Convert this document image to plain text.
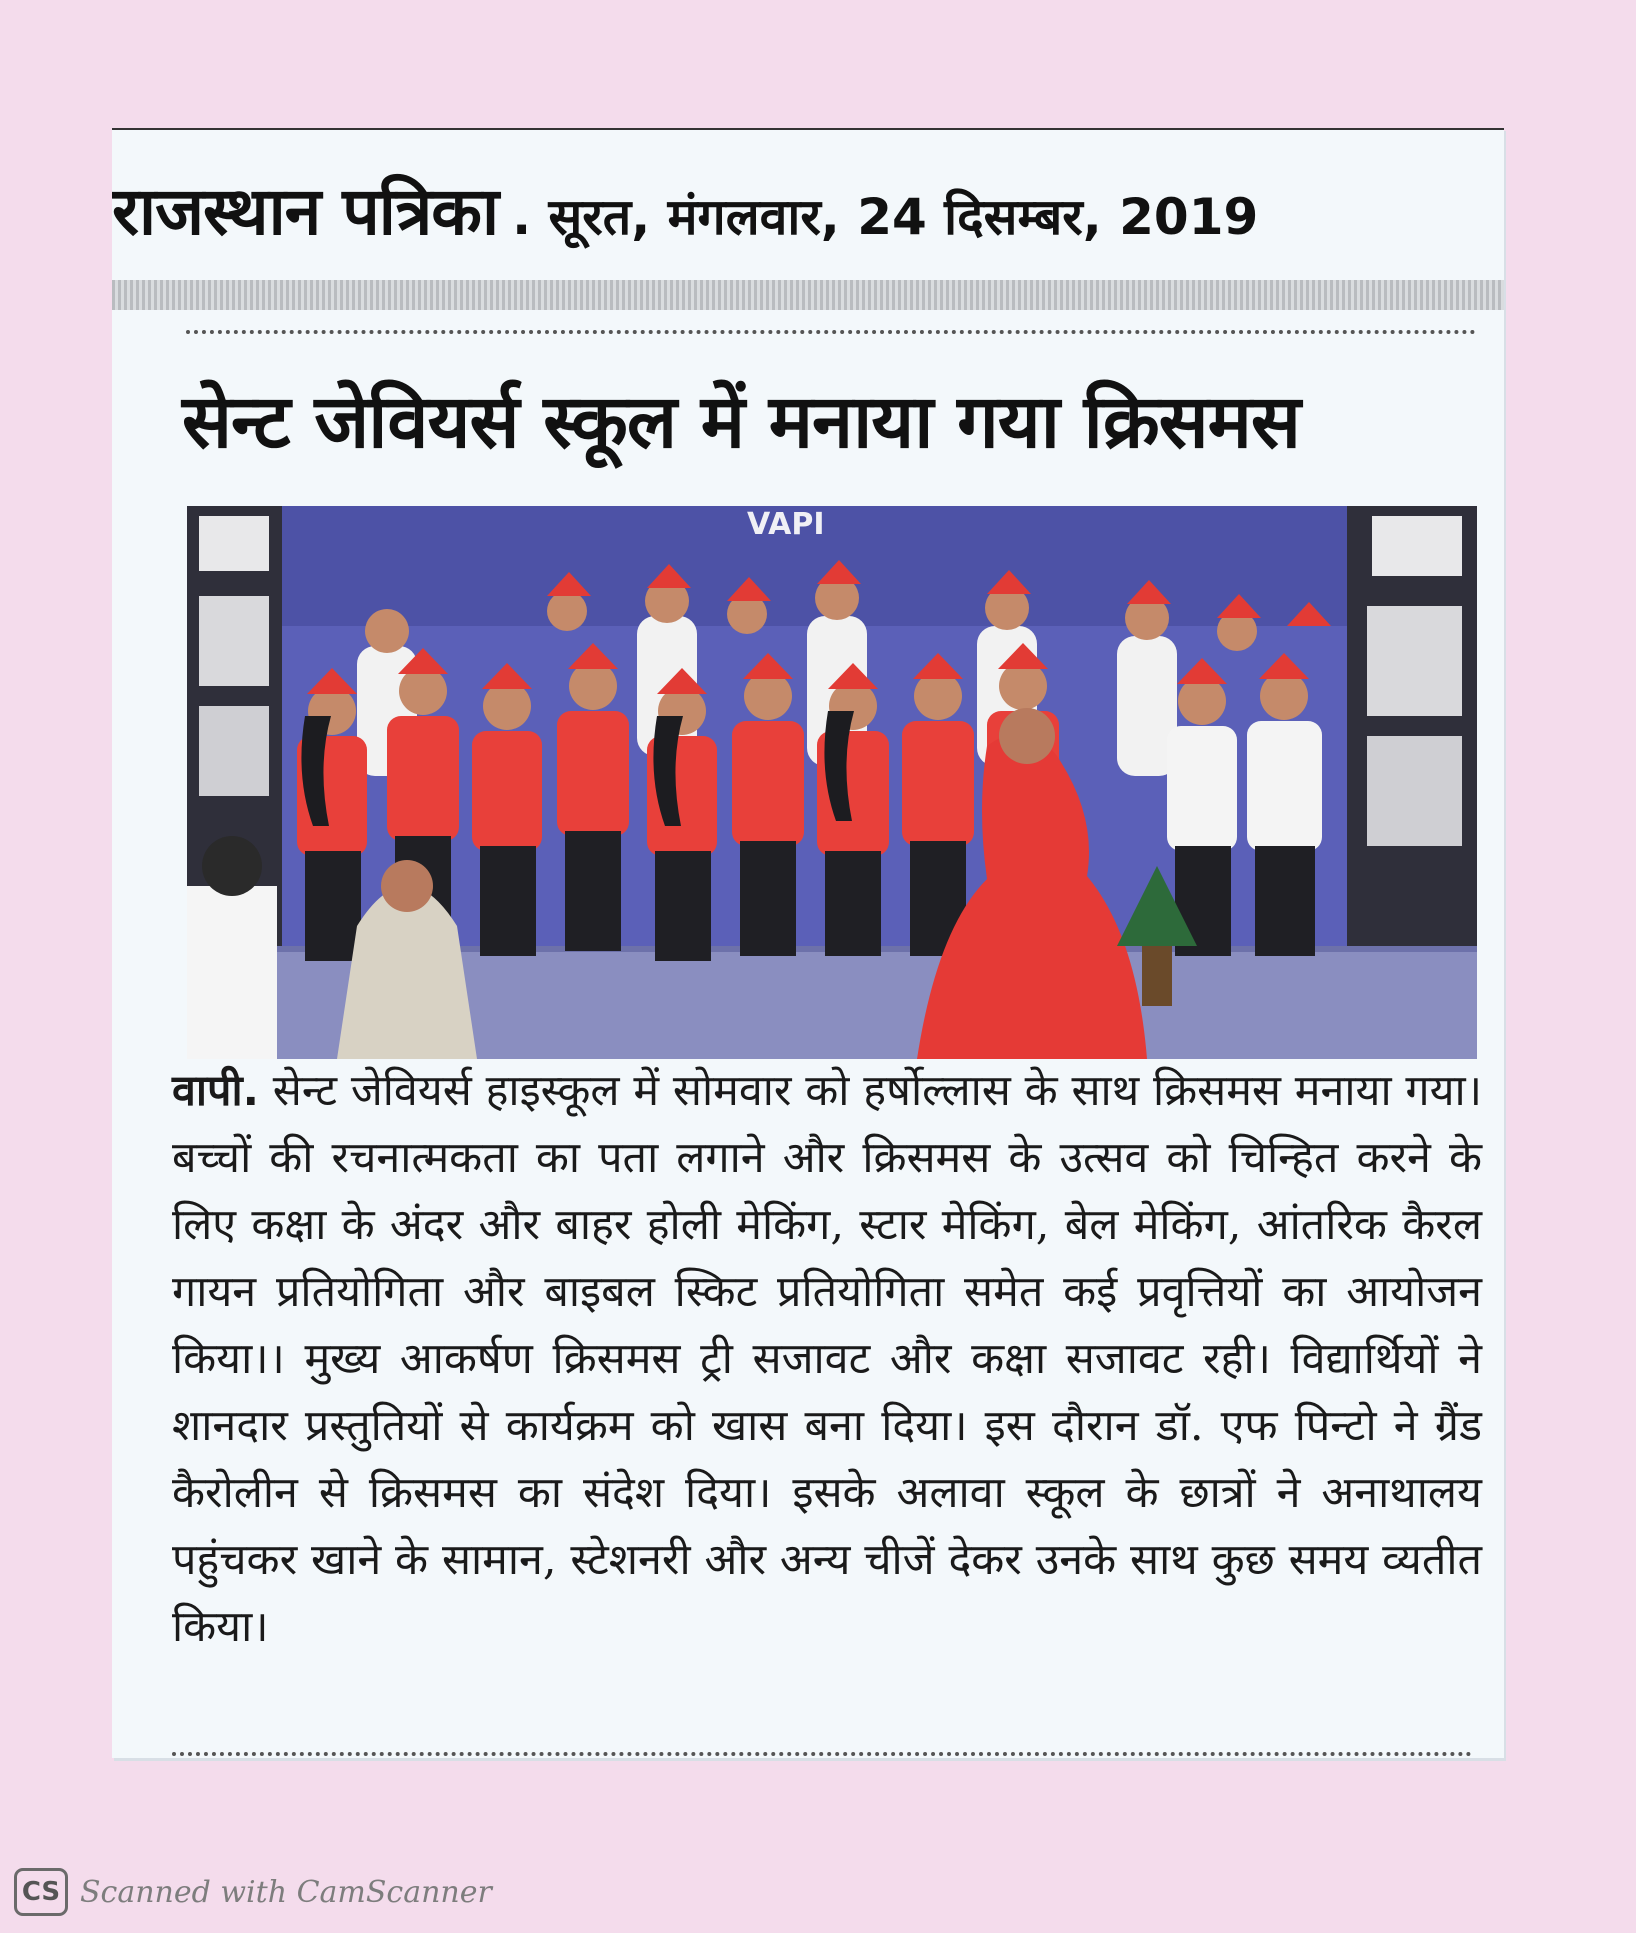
राजस्थान पत्रिका . सूरत, मंगलवार, 24 दिसम्बर, 2019
सेन्ट जेवियर्स स्कूल में मनाया गया क्रिसमस
VAPI
वापी. सेन्ट जेवियर्स हाइस्कूल में सोमवार को हर्षोल्लास के साथ क्रिसमस मनाया गया। बच्चों की रचनात्मकता का पता लगाने और क्रिसमस के उत्सव को चिन्हित करने के लिए कक्षा के अंदर और बाहर होली मेकिंग, स्टार मेकिंग, बेल मेकिंग, आंतरिक कैरल गायन प्रतियोगिता और बाइबल स्किट प्रतियोगिता समेत कई प्रवृत्तियों का आयोजन किया।। मुख्य आकर्षण क्रिसमस ट्री सजावट और कक्षा सजावट रही। विद्यार्थियों ने शानदार प्रस्तुतियों से कार्यक्रम को खास बना दिया। इस दौरान डॉ. एफ पिन्टो ने ग्रैंड कैरोलीन से क्रिसमस का संदेश दिया। इसके अलावा स्कूल के छात्रों ने अनाथालय पहुंचकर खाने के सामान, स्टेशनरी और अन्य चीजें देकर उनके साथ कुछ समय व्यतीत किया।
CS Scanned with CamScanner
